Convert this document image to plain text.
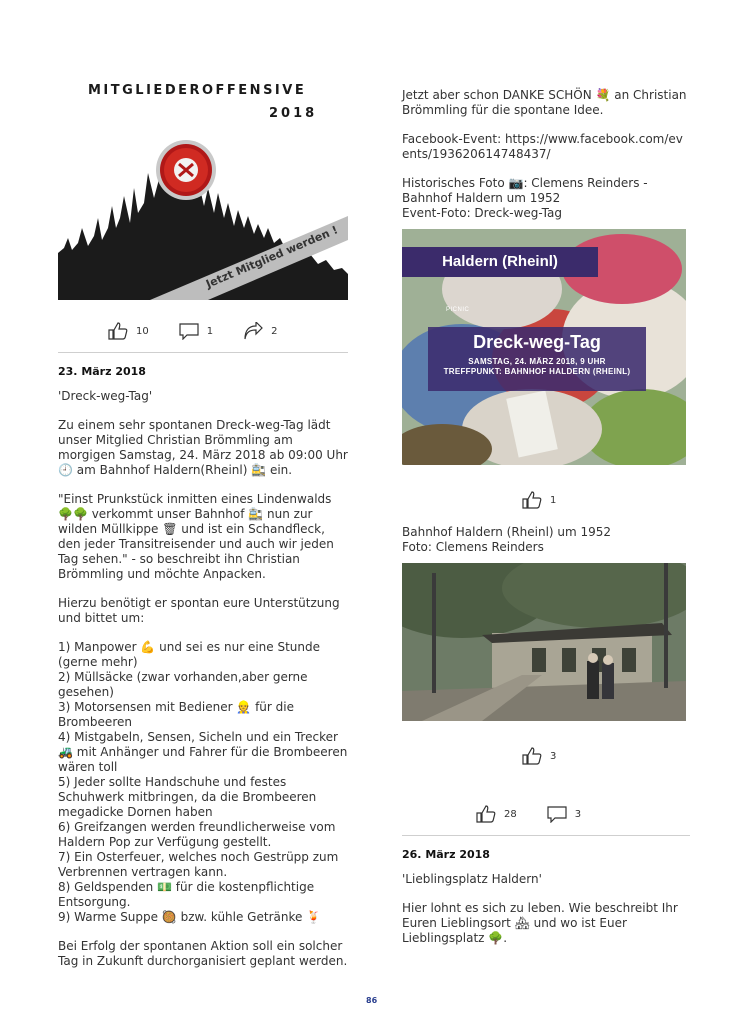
Jetzt Mitglied werden !
MITGLIEDEROFFENSIVE
2018
10	1	2
23. März 2018
'Dreck-weg-Tag'
Zu einem sehr spontanen Dreck-weg-Tag lädt unser Mitglied Christian Brömmling am morgigen Samstag, 24. März 2018 ab 09:00 Uhr 🕘 am Bahnhof Haldern(Rheinl) 🚉 ein.
"Einst Prunkstück inmitten eines Lindenwalds 🌳🌳 verkommt unser Bahnhof 🚉 nun zur wilden Müllkippe 🗑 und ist ein Schandfleck, den jeder Transitreisender und auch wir jeden Tag sehen." - so beschreibt ihn Christian Brömmling und möchte Anpacken.
Hierzu benötigt er spontan eure Unterstützung und bittet um:
1) Manpower 💪 und sei es nur eine Stunde (gerne mehr)
2) Müllsäcke (zwar vorhanden,aber gerne gesehen)
3) Motorsensen mit Bediener 👷 für die Brombeeren
4) Mistgabeln, Sensen, Sicheln und ein Trecker 🚜 mit Anhänger und Fahrer für die Brombeeren wären toll
5) Jeder sollte Handschuhe und festes Schuhwerk mitbringen, da die Brombeeren megadicke Dornen haben
6) Greifzangen werden freundlicherweise vom Haldern Pop zur Verfügung gestellt.
7) Ein Osterfeuer, welches noch Gestrüpp zum Verbrennen vertragen kann.
8) Geldspenden 💵 für die kostenpflichtige Entsorgung.
9) Warme Suppe 🥘 bzw. kühle Getränke 🍹
Bei Erfolg der spontanen Aktion soll ein solcher Tag in Zukunft durchorganisiert geplant werden.
Jetzt aber schon DANKE SCHÖN 💐 an Christian Brömmling für die spontane Idee.
Facebook-Event: https://www.facebook.com/events/193620614748437/
Historisches Foto 📷: Clemens Reinders - Bahnhof Haldern um 1952
Event-Foto: Dreck-weg-Tag
Haldern (Rheinl)
PICNIC
Dreck-weg-Tag
SAMSTAG, 24. MÄRZ 2018, 9 UHR
TREFFPUNKT: BAHNHOF HALDERN (RHEINL)
1
Bahnhof Haldern (Rheinl) um 1952
Foto: Clemens Reinders
3
28	3
26. März 2018
'Lieblingsplatz Haldern'
Hier lohnt es sich zu leben. Wie beschreibt Ihr Euren Lieblingsort 🏘 und wo ist Euer Lieblingsplatz 🌳.
86
